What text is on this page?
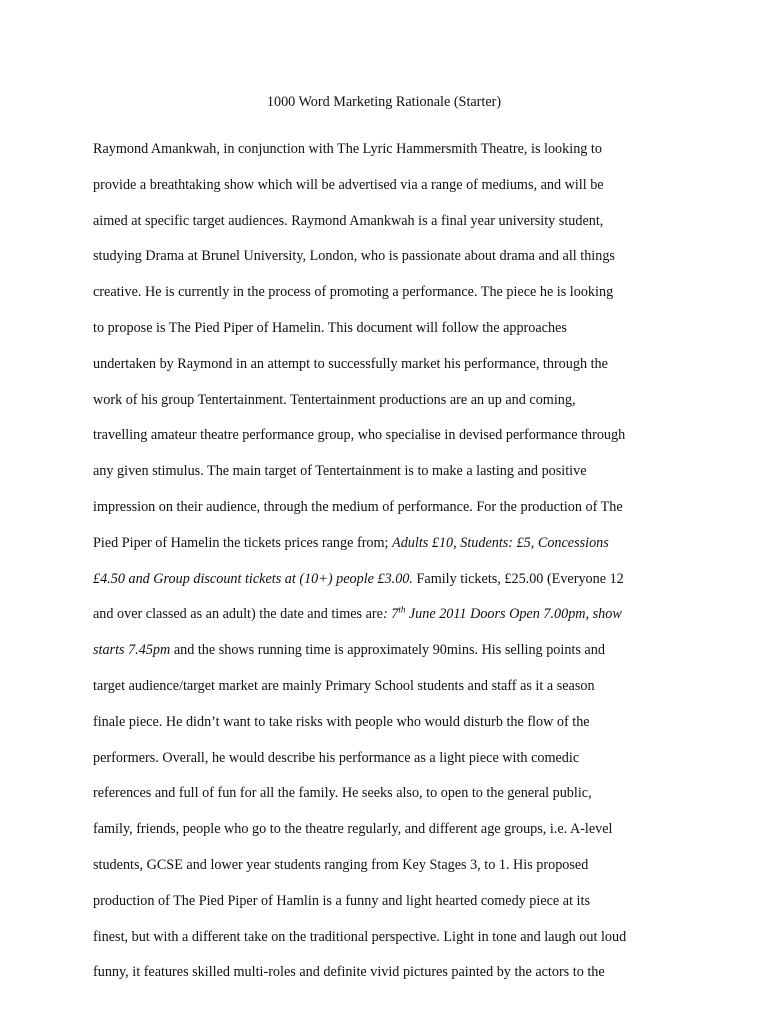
1000 Word Marketing Rationale (Starter)
Raymond Amankwah, in conjunction with The Lyric Hammersmith Theatre, is looking to
provide a breathtaking show which will be advertised via a range of mediums, and will be
aimed at specific target audiences. Raymond Amankwah is a final year university student,
studying Drama at Brunel University, London, who is passionate about drama and all things
creative. He is currently in the process of promoting a performance. The piece he is looking
to propose is The Pied Piper of Hamelin. This document will follow the approaches
undertaken by Raymond in an attempt to successfully market his performance, through the
work of his group Tentertainment. Tentertainment productions are an up and coming,
travelling amateur theatre performance group, who specialise in devised performance through
any given stimulus. The main target of Tentertainment is to make a lasting and positive
impression on their audience, through the medium of performance. For the production of The
Pied Piper of Hamelin the tickets prices range from; Adults £10, Students: £5, Concessions
£4.50 and Group discount tickets at (10+) people £3.00. Family tickets, £25.00 (Everyone 12
and over classed as an adult) the date and times are: 7th June 2011 Doors Open 7.00pm, show
starts 7.45pm and the shows running time is approximately 90mins. His selling points and
target audience/target market are mainly Primary School students and staff as it a season
finale piece. He didn’t want to take risks with people who would disturb the flow of the
performers. Overall, he would describe his performance as a light piece with comedic
references and full of fun for all the family. He seeks also, to open to the general public,
family, friends, people who go to the theatre regularly, and different age groups, i.e. A-level
students, GCSE and lower year students ranging from Key Stages 3, to 1. His proposed
production of The Pied Piper of Hamlin is a funny and light hearted comedy piece at its
finest, but with a different take on the traditional perspective. Light in tone and laugh out loud
funny, it features skilled multi-roles and definite vivid pictures painted by the actors to the
